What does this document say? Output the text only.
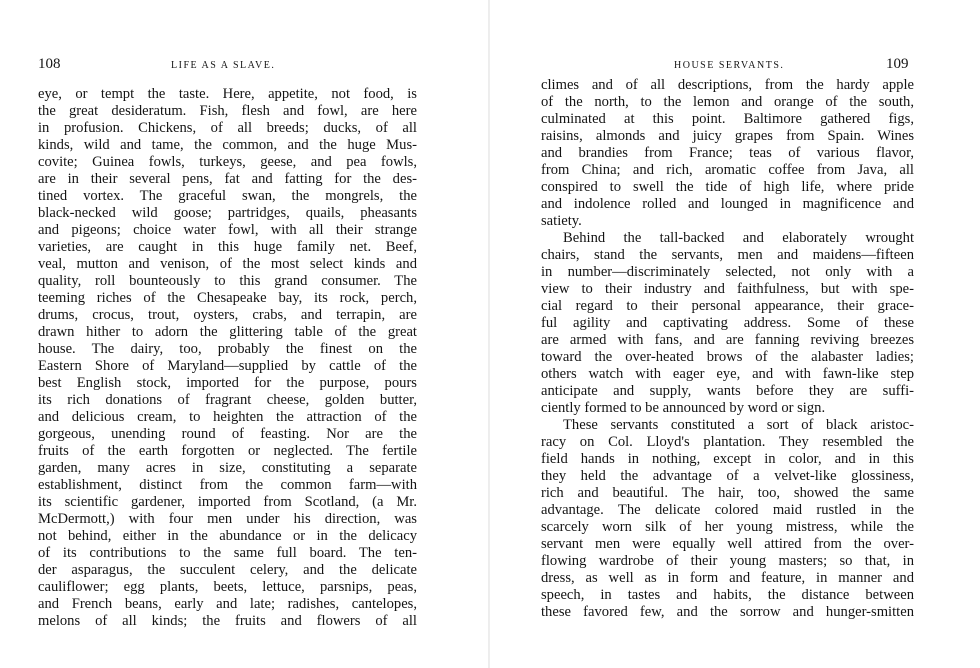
108	LIFE AS A SLAVE.
eye, or tempt the taste. Here, appetite, not food, is
the great desideratum. Fish, flesh and fowl, are here
in profusion. Chickens, of all breeds; ducks, of all
kinds, wild and tame, the common, and the huge Mus-
covite; Guinea fowls, turkeys, geese, and pea fowls,
are in their several pens, fat and fatting for the des-
tined vortex. The graceful swan, the mongrels, the
black-necked wild goose; partridges, quails, pheasants
and pigeons; choice water fowl, with all their strange
varieties, are caught in this huge family net. Beef,
veal, mutton and venison, of the most select kinds and
quality, roll bounteously to this grand consumer. The
teeming riches of the Chesapeake bay, its rock, perch,
drums, crocus, trout, oysters, crabs, and terrapin, are
drawn hither to adorn the glittering table of the great
house. The dairy, too, probably the finest on the
Eastern Shore of Maryland—supplied by cattle of the
best English stock, imported for the purpose, pours
its rich donations of fragrant cheese, golden butter,
and delicious cream, to heighten the attraction of the
gorgeous, unending round of feasting. Nor are the
fruits of the earth forgotten or neglected. The fertile
garden, many acres in size, constituting a separate
establishment, distinct from the common farm—with
its scientific gardener, imported from Scotland, (a Mr.
McDermott,) with four men under his direction, was
not behind, either in the abundance or in the delicacy
of its contributions to the same full board. The ten-
der asparagus, the succulent celery, and the delicate
cauliflower; egg plants, beets, lettuce, parsnips, peas,
and French beans, early and late; radishes, cantelopes,
melons of all kinds; the fruits and flowers of all
HOUSE SERVANTS.	109
climes and of all descriptions, from the hardy apple
of the north, to the lemon and orange of the south,
culminated at this point. Baltimore gathered figs,
raisins, almonds and juicy grapes from Spain. Wines
and brandies from France; teas of various flavor,
from China; and rich, aromatic coffee from Java, all
conspired to swell the tide of high life, where pride
and indolence rolled and lounged in magnificence and
satiety.
Behind the tall-backed and elaborately wrought
chairs, stand the servants, men and maidens—fifteen
in number—discriminately selected, not only with a
view to their industry and faithfulness, but with spe-
cial regard to their personal appearance, their grace-
ful agility and captivating address. Some of these
are armed with fans, and are fanning reviving breezes
toward the over-heated brows of the alabaster ladies;
others watch with eager eye, and with fawn-like step
anticipate and supply, wants before they are suffi-
ciently formed to be announced by word or sign.
These servants constituted a sort of black aristoc-
racy on Col. Lloyd's plantation. They resembled the
field hands in nothing, except in color, and in this
they held the advantage of a velvet-like glossiness,
rich and beautiful. The hair, too, showed the same
advantage. The delicate colored maid rustled in the
scarcely worn silk of her young mistress, while the
servant men were equally well attired from the over-
flowing wardrobe of their young masters; so that, in
dress, as well as in form and feature, in manner and
speech, in tastes and habits, the distance between
these favored few, and the sorrow and hunger-smitten
